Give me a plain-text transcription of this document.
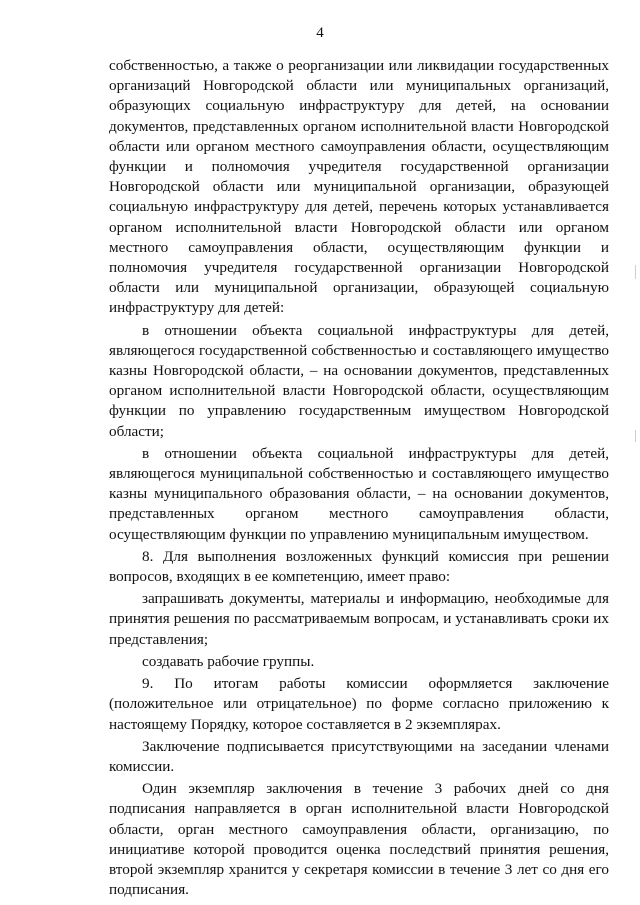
4

собственностью, а также о реорганизации или ликвидации государственных организаций Новгородской области или муниципальных организаций, образующих социальную инфраструктуру для детей, на основании документов, представленных органом исполнительной власти Новгородской области или органом местного самоуправления области, осуществляющим функции и полномочия учредителя государственной организации Новгородской области или муниципальной организации, образующей социальную инфраструктуру для детей, перечень которых устанавливается органом исполнительной власти Новгородской области или органом местного самоуправления области, осуществляющим функции и полномочия учредителя государственной организации Новгородской области или муниципальной организации, образующей социальную инфраструктуру для детей:

в отношении объекта социальной инфраструктуры для детей, являющегося государственной собственностью и составляющего имущество казны Новгородской области, – на основании документов, представленных органом исполнительной власти Новгородской области, осуществляющим функции по управлению государственным имуществом Новгородской области;

в отношении объекта социальной инфраструктуры для детей, являющегося муниципальной собственностью и составляющего имущество казны муниципального образования области, – на основании документов, представленных органом местного самоуправления области, осуществляющим функции по управлению муниципальным имуществом.

8. Для выполнения возложенных функций комиссия при решении вопросов, входящих в ее компетенцию, имеет право:

запрашивать документы, материалы и информацию, необходимые для принятия решения по рассматриваемым вопросам, и устанавливать сроки их представления;

создавать рабочие группы.

9. По итогам работы комиссии оформляется заключение (положительное или отрицательное) по форме согласно приложению к настоящему Порядку, которое составляется в 2 экземплярах.

Заключение подписывается присутствующими на заседании членами комиссии.

Один экземпляр заключения в течение 3 рабочих дней со дня подписания направляется в орган исполнительной власти Новгородской области, орган местного самоуправления области, организацию, по инициативе которой проводится оценка последствий принятия решения, второй экземпляр хранится у секретаря комиссии в течение 3 лет со дня его подписания.
